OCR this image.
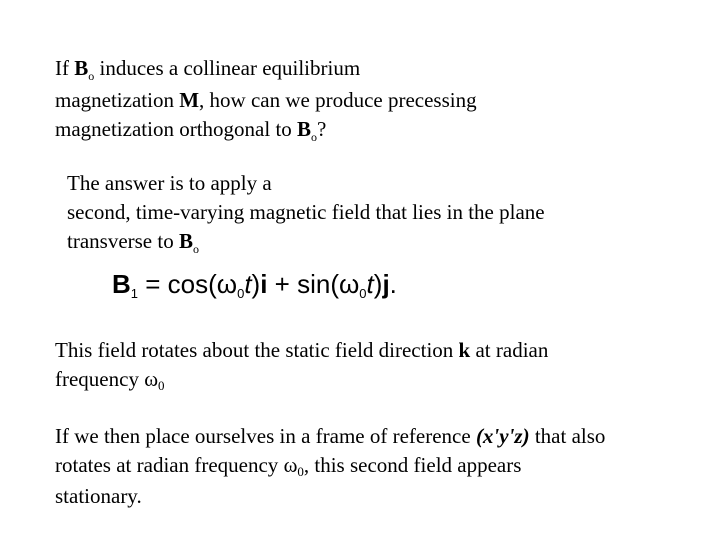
If $B_o$ induces a collinear equilibrium
magnetization M, how can we produce precessing
magnetization orthogonal to $B_o$?
The answer is to apply a
second, time-varying magnetic field that lies in the plane
transverse to $B_o$
B1 = cos(ω0t)i + sin(ω0t)j.
This field rotates about the static field direction k at radian
frequency ω0
If we then place ourselves in a frame of reference (x'y'z) that also
rotates at radian frequency ω0, this second field appears
stationary.
